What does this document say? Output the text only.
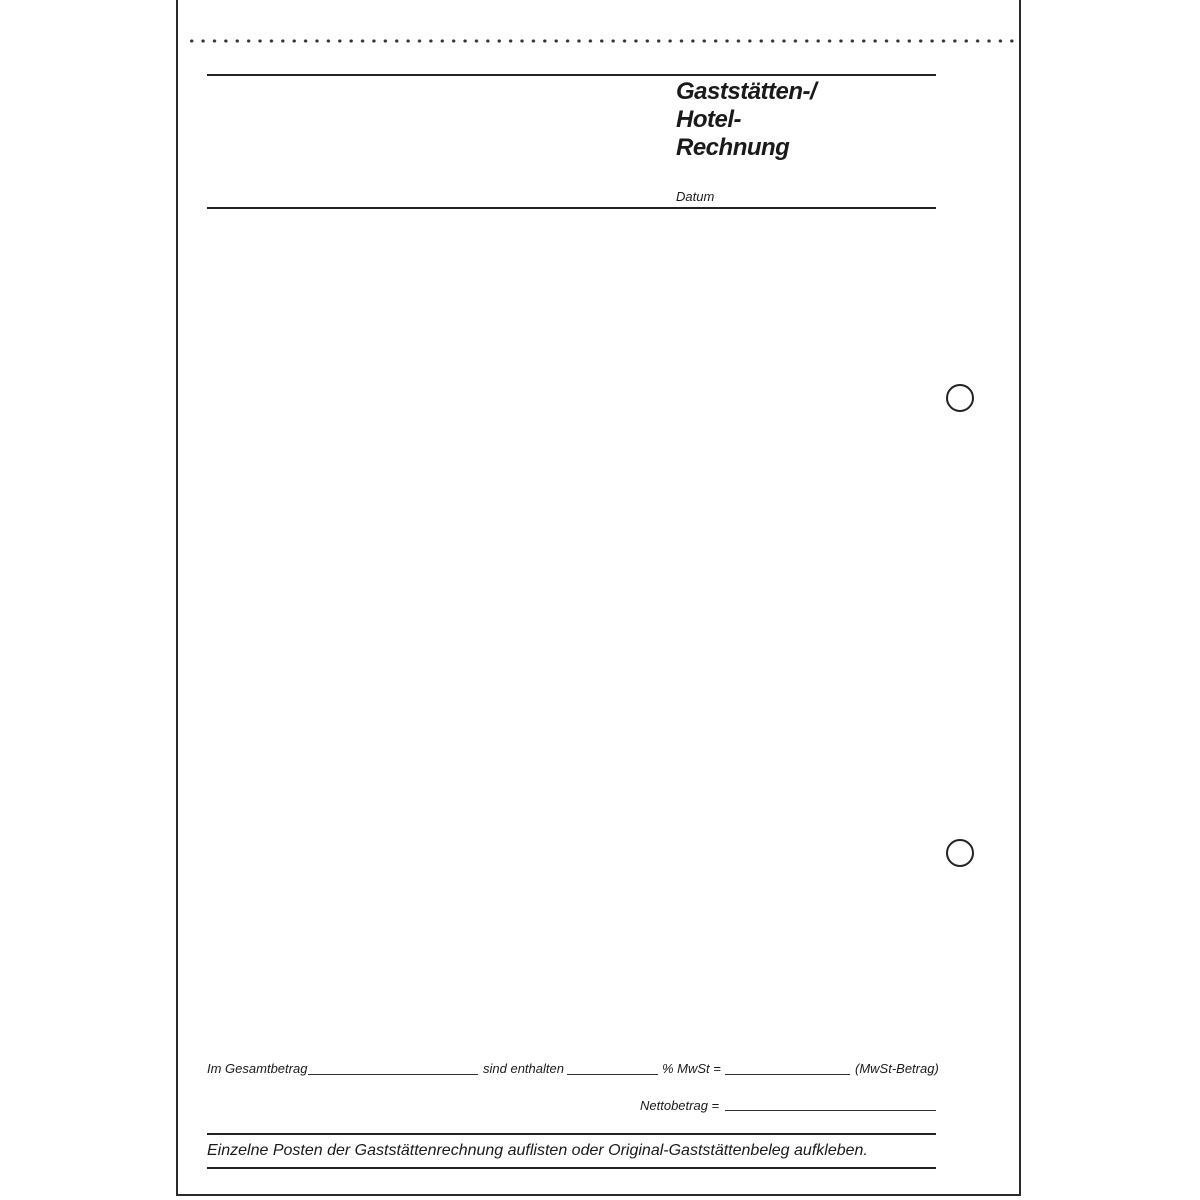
Gaststätten-/
Hotel-
Rechnung
Datum
Im Gesamtbetrag	sind enthalten	% MwSt =	(MwSt-Betrag)
Nettobetrag =
Einzelne Posten der Gaststättenrechnung auflisten oder Original-Gaststättenbeleg aufkleben.
